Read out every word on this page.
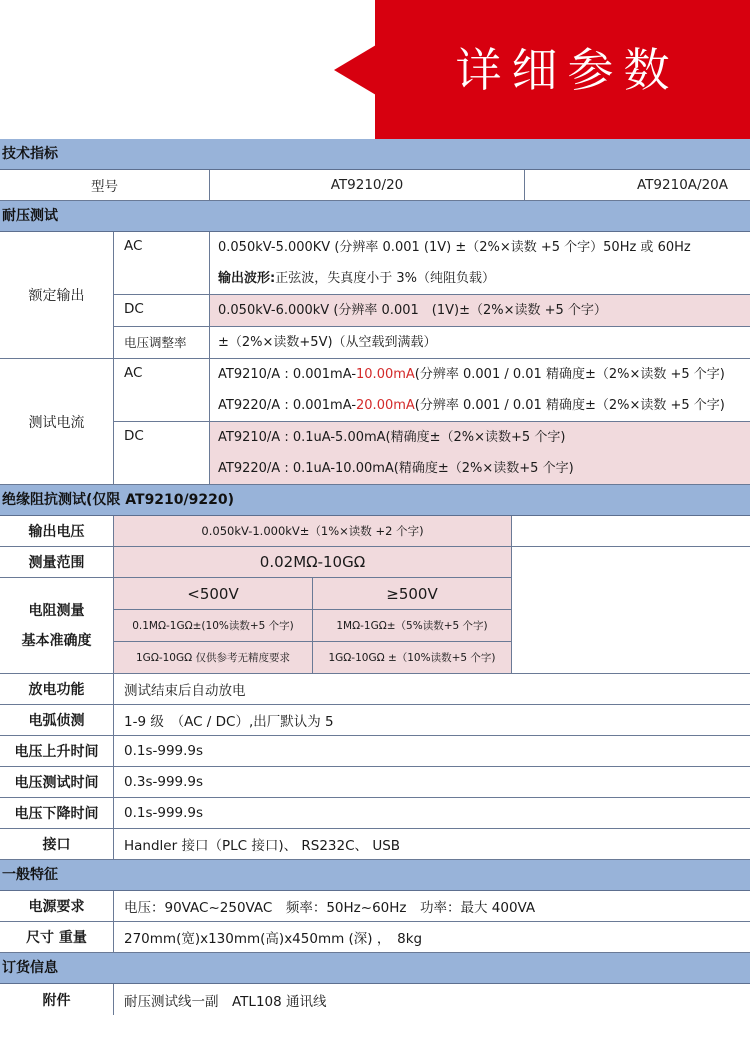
详细参数
技术指标
型号	AT9210/20	AT9210A/20A
耐压测试
额定输出
AC	0.050kV-5.000KV (分辨率 0.001 (1V) ±（2%×读数 +5 个字）50Hz 或 60Hz
输出波形:正弦波，失真度小于 3%（纯阻负载）
DC	0.050kV-6.000kV (分辨率 0.001　(1V)±（2%×读数 +5 个字）
电压调整率	±（2%×读数+5V)（从空载到满载）
测试电流
AC	AT9210/A : 0.001mA-10.00mA(分辨率 0.001 / 0.01 精确度±（2%×读数 +5 个字)
AT9220/A : 0.001mA-20.00mA(分辨率 0.001 / 0.01 精确度±（2%×读数 +5 个字)
DC	AT9210/A : 0.1uA-5.00mA(精确度±（2%×读数+5 个字)
AT9220/A : 0.1uA-10.00mA(精确度±（2%×读数+5 个字)
绝缘阻抗测试(仅限 AT9210/9220)
输出电压	0.050kV-1.000kV±（1%×读数 +2 个字)
测量范围	0.02MΩ-10GΩ
电阻测量
基本准确度
<500V	≥500V
0.1MΩ-1GΩ±(10%读数+5 个字)	1MΩ-1GΩ±（5%读数+5 个字)
1GΩ-10GΩ 仅供参考无精度要求	1GΩ-10GΩ ±（10%读数+5 个字)
放电功能	测试结束后自动放电
电弧侦测	1-9 级　（AC / DC）,出厂默认为 5
电压上升时间	0.1s-999.9s
电压测试时间	0.3s-999.9s
电压下降时间	0.1s-999.9s
接口	Handler 接口（PLC 接口)、 RS232C、 USB
一般特征
电源要求	电压：90VAC~250VAC　频率：50Hz~60Hz　功率：最大 400VA
尺寸 重量	270mm(宽)x130mm(高)x450mm (深) ，　8kg
订货信息
附件	耐压测试线一副　ATL108 通讯线
